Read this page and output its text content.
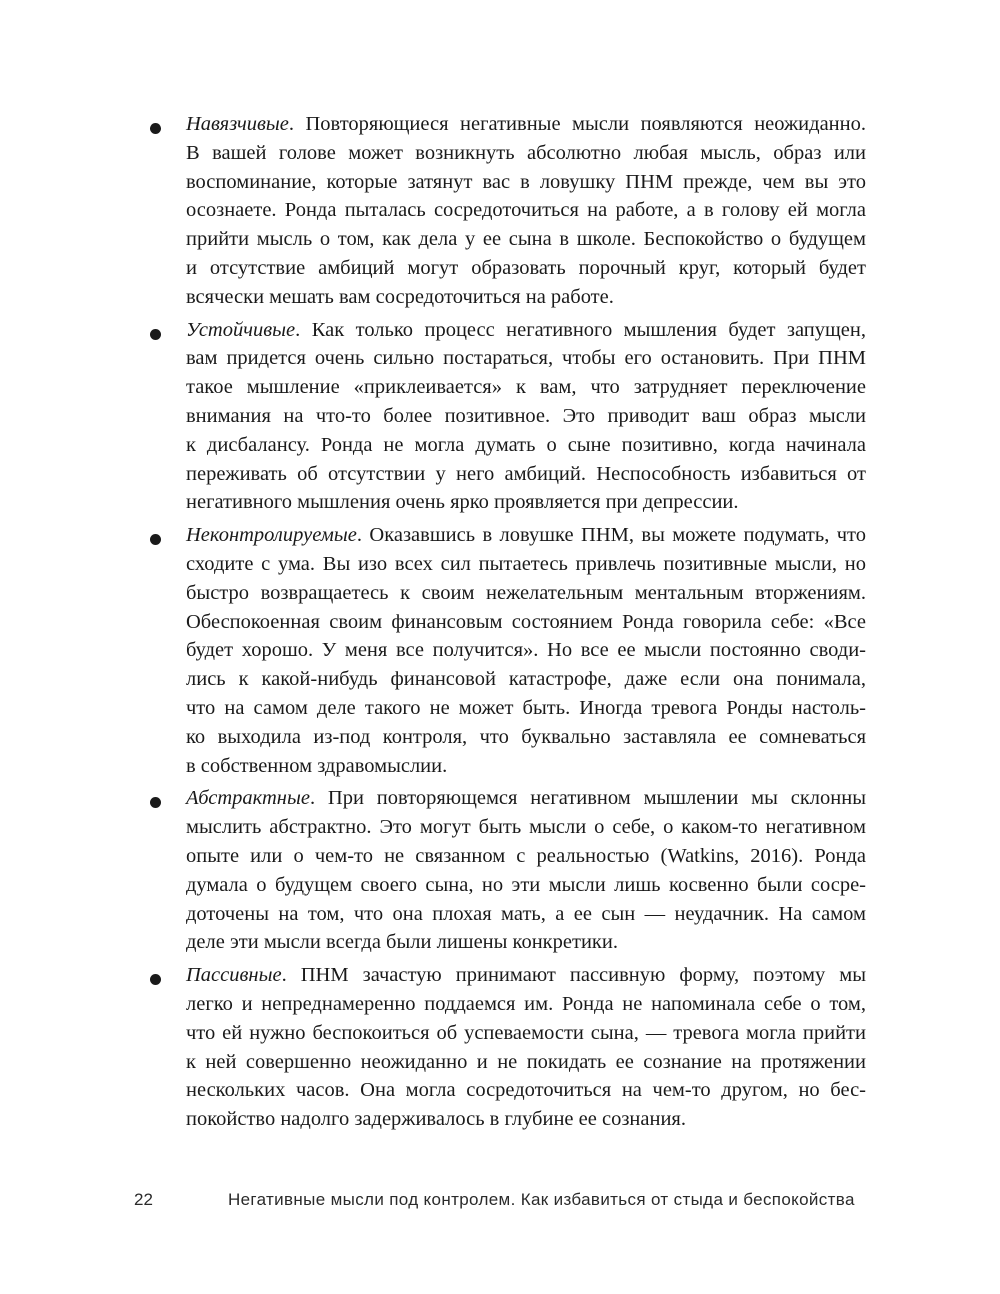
Навязчивые. Повторяющиеся негативные мысли появляются неожиданно.
В вашей голове может возникнуть абсолютно любая мысль, образ или
воспоминание, которые затянут вас в ловушку ПНМ прежде, чем вы это
осознаете. Ронда пыталась сосредоточиться на работе, а в голову ей могла
прийти мысль о том, как дела у ее сына в школе. Беспокойство о будущем
и отсутствие амбиций могут образовать порочный круг, который будет
всячески мешать вам сосредоточиться на работе.
Устойчивые. Как только процесс негативного мышления будет запущен,
вам придется очень сильно постараться, чтобы его остановить. При ПНМ
такое мышление «приклеивается» к вам, что затрудняет переключение
внимания на что-то более позитивное. Это приводит ваш образ мысли
к дисбалансу. Ронда не могла думать о сыне позитивно, когда начинала
переживать об отсутствии у него амбиций. Неспособность избавиться от
негативного мышления очень ярко проявляется при депрессии.
Неконтролируемые. Оказавшись в ловушке ПНМ, вы можете подумать, что
сходите с ума. Вы изо всех сил пытаетесь привлечь позитивные мысли, но
быстро возвращаетесь к своим нежелательным ментальным вторжениям.
Обеспокоенная своим финансовым состоянием Ронда говорила себе: «Все
будет хорошо. У меня все получится». Но все ее мысли постоянно своди-
лись к какой-нибудь финансовой катастрофе, даже если она понимала,
что на самом деле такого не может быть. Иногда тревога Ронды настоль-
ко выходила из-под контроля, что буквально заставляла ее сомневаться
в собственном здравомыслии.
Абстрактные. При повторяющемся негативном мышлении мы склонны
мыслить абстрактно. Это могут быть мысли о себе, о каком-то негативном
опыте или о чем-то не связанном с реальностью (Watkins, 2016). Ронда
думала о будущем своего сына, но эти мысли лишь косвенно были сосре-
доточены на том, что она плохая мать, а ее сын — неудачник. На самом
деле эти мысли всегда были лишены конкретики.
Пассивные. ПНМ зачастую принимают пассивную форму, поэтому мы
легко и непреднамеренно поддаемся им. Ронда не напоминала себе о том,
что ей нужно беспокоиться об успеваемости сына, — тревога могла прийти
к ней совершенно неожиданно и не покидать ее сознание на протяжении
нескольких часов. Она могла сосредоточиться на чем-то другом, но бес-
покойство надолго задерживалось в глубине ее сознания.
22	Негативные мысли под контролем. Как избавиться от стыда и беспокойства
